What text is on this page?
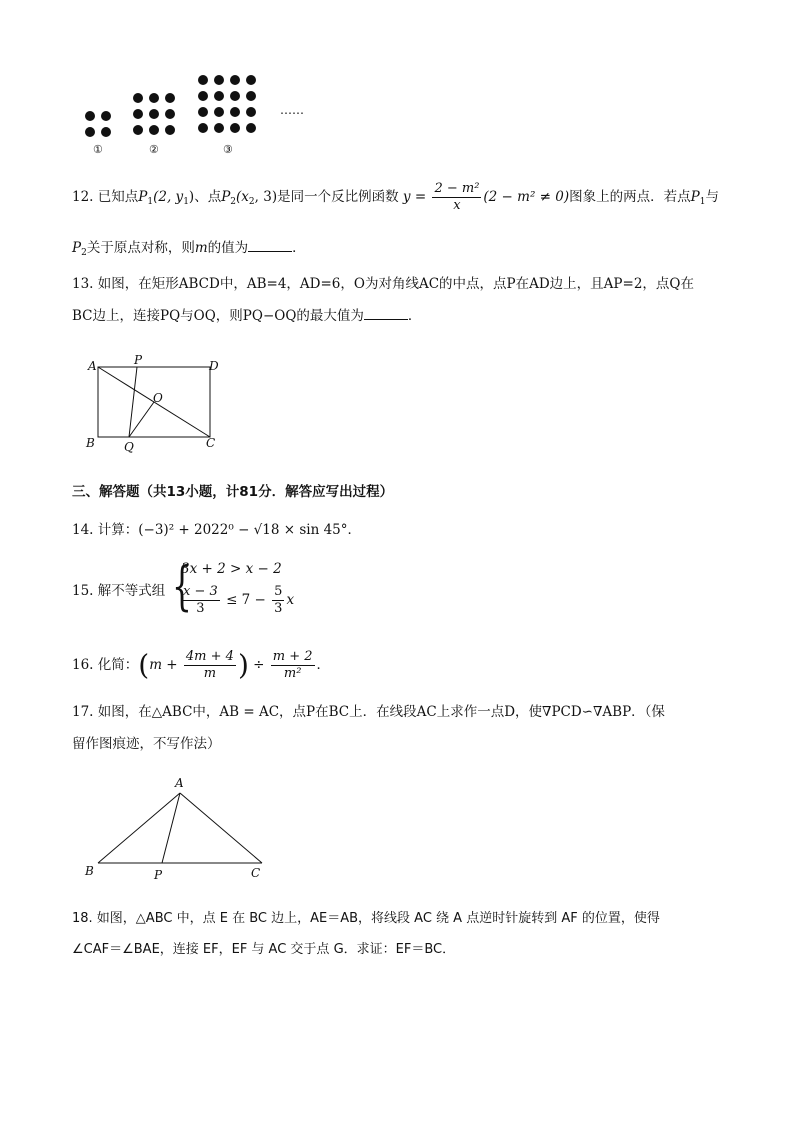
①	②	③
……
12. 已知点$P_1(2$, $y_1$)、点$P_2(x_2$, 3)是同一个反比例函数 $y = \frac{\text{2 − m²}}{x} (2 - m^2 \ne 0)$图象上的两点．若点$P_1$与
$P_2$关于原点对称，则m的值为	．
13. 如图，在矩形ABCD中，AB=4，AD=6，O为对角线AC的中点，点P在AD边上，且AP=2，点Q在
BC边上，连接PQ与OQ，则PQ−OQ的最大值为	．
A	P	D
O
B Q	C
三、解答题（共13小题，计81分．解答应写出过程）
14. 计算：(−3)² + 2022⁰ − √18 × sin 45°．
15. 解不等式组 {
3x + 2 > x − 2
$\frac{x - 3}{3} \le 7 - \frac{5}{3}$ x
16. 化简：($m + \frac{4m + 4}{m}$ ) ÷ $\frac{m + 2}{\text{m²}}$ ．
17. 如图，在△ABC中，AB = AC，点P在BC上．在线段AC上求作一点D，使∇PCD∽∇ABP．（保
留作图痕迹，不写作法）
A
B	P	C
18. 如图，△ABC 中，点 E 在 BC 边上，AE＝AB，将线段 AC 绕 A 点逆时针旋转到 AF 的位置，使得
∠CAF＝∠BAE，连接 EF，EF 与 AC 交于点 G．求证：EF＝BC．
